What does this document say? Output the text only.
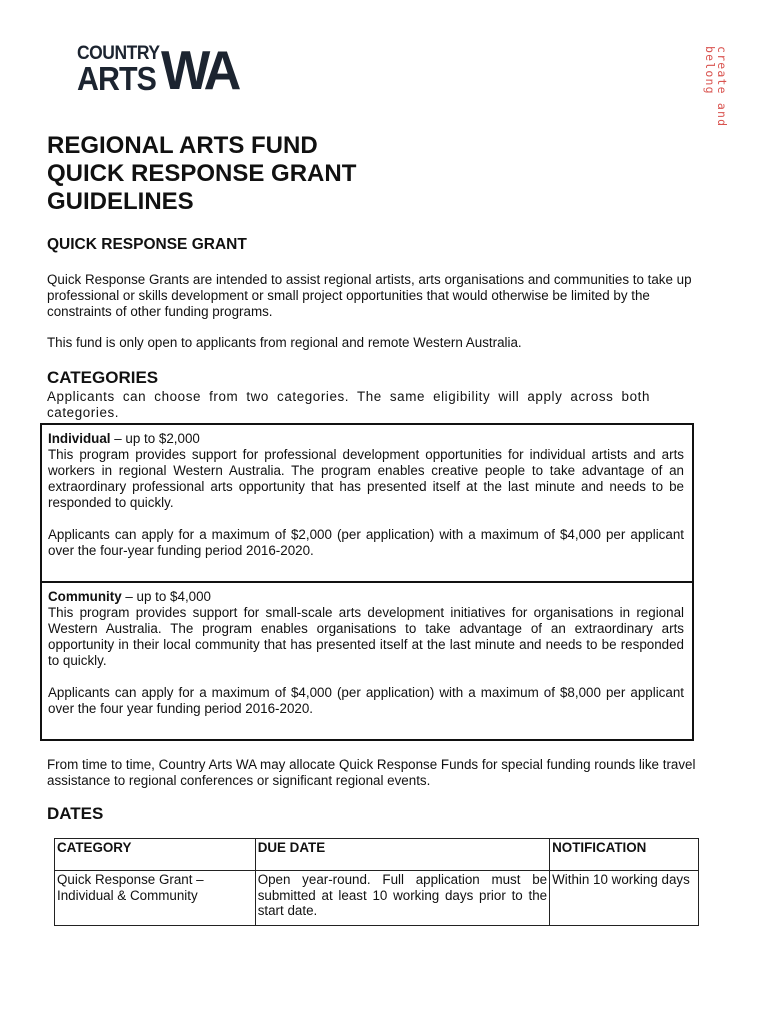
COUNTRY
ARTS WA	create and belong
REGIONAL ARTS FUND
QUICK RESPONSE GRANT
GUIDELINES
QUICK RESPONSE GRANT

Quick Response Grants are intended to assist regional artists, arts organisations and communities to take up professional or skills development or small project opportunities that would otherwise be limited by the constraints of other funding programs.

This fund is only open to applicants from regional and remote Western Australia.

CATEGORIES

Applicants can choose from two categories. The same eligibility will apply across both categories.

Individual – up to $2,000

This program provides support for professional development opportunities for individual artists and arts workers in regional Western Australia. The program enables creative people to take advantage of an extraordinary professional arts opportunity that has presented itself at the last minute and needs to be responded to quickly.

Applicants can apply for a maximum of $2,000 (per application) with a maximum of $4,000 per applicant over the four-year funding period 2016-2020.

Community – up to $4,000

This program provides support for small-scale arts development initiatives for organisations in regional Western Australia. The program enables organisations to take advantage of an extraordinary arts opportunity in their local community that has presented itself at the last minute and needs to be responded to quickly.

Applicants can apply for a maximum of $4,000 (per application) with a maximum of $8,000 per applicant over the four year funding period 2016-2020.

From time to time, Country Arts WA may allocate Quick Response Funds for special funding rounds like travel assistance to regional conferences or significant regional events.

DATES
CATEGORY	DUE DATE	NOTIFICATION
Quick Response Grant – Individual & Community	Open year-round. Full application must be submitted at least 10 working days prior to the start date.	Within 10 working days
